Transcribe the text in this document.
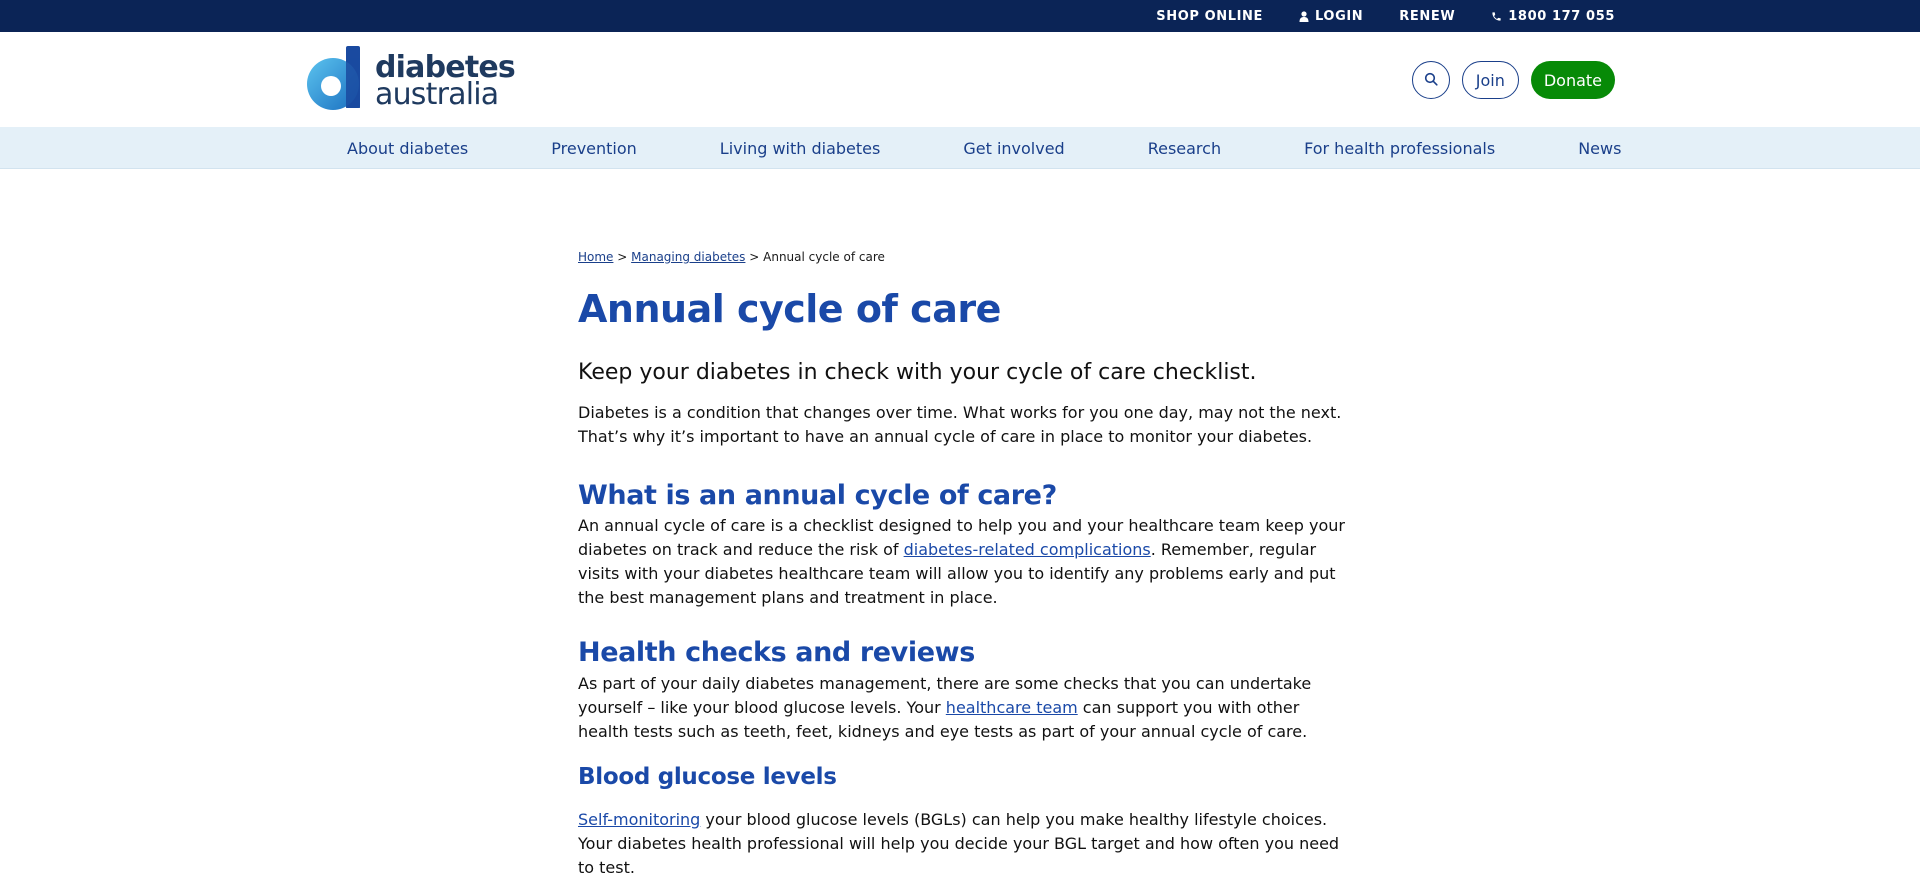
SHOP ONLINE	LOGIN	RENEW	1800 177 055
diabetes
australia	Join	Donate
About diabetes	Prevention	Living with diabetes	Get involved	Research	For health professionals	News
Home > Managing diabetes > Annual cycle of care
Annual cycle of care

Keep your diabetes in check with your cycle of care checklist.

Diabetes is a condition that changes over time. What works for you one day, may not the next. That’s why it’s important to have an annual cycle of care in place to monitor your diabetes.

What is an annual cycle of care?

An annual cycle of care is a checklist designed to help you and your healthcare team keep your diabetes on track and reduce the risk of diabetes-related complications. Remember, regular visits with your diabetes healthcare team will allow you to identify any problems early and put the best management plans and treatment in place.

Health checks and reviews

As part of your daily diabetes management, there are some checks that you can undertake yourself – like your blood glucose levels. Your healthcare team can support you with other health tests such as teeth, feet, kidneys and eye tests as part of your annual cycle of care.

Blood glucose levels

Self-monitoring your blood glucose levels (BGLs) can help you make healthy lifestyle choices. Your diabetes health professional will help you decide your BGL target and how often you need to test.
